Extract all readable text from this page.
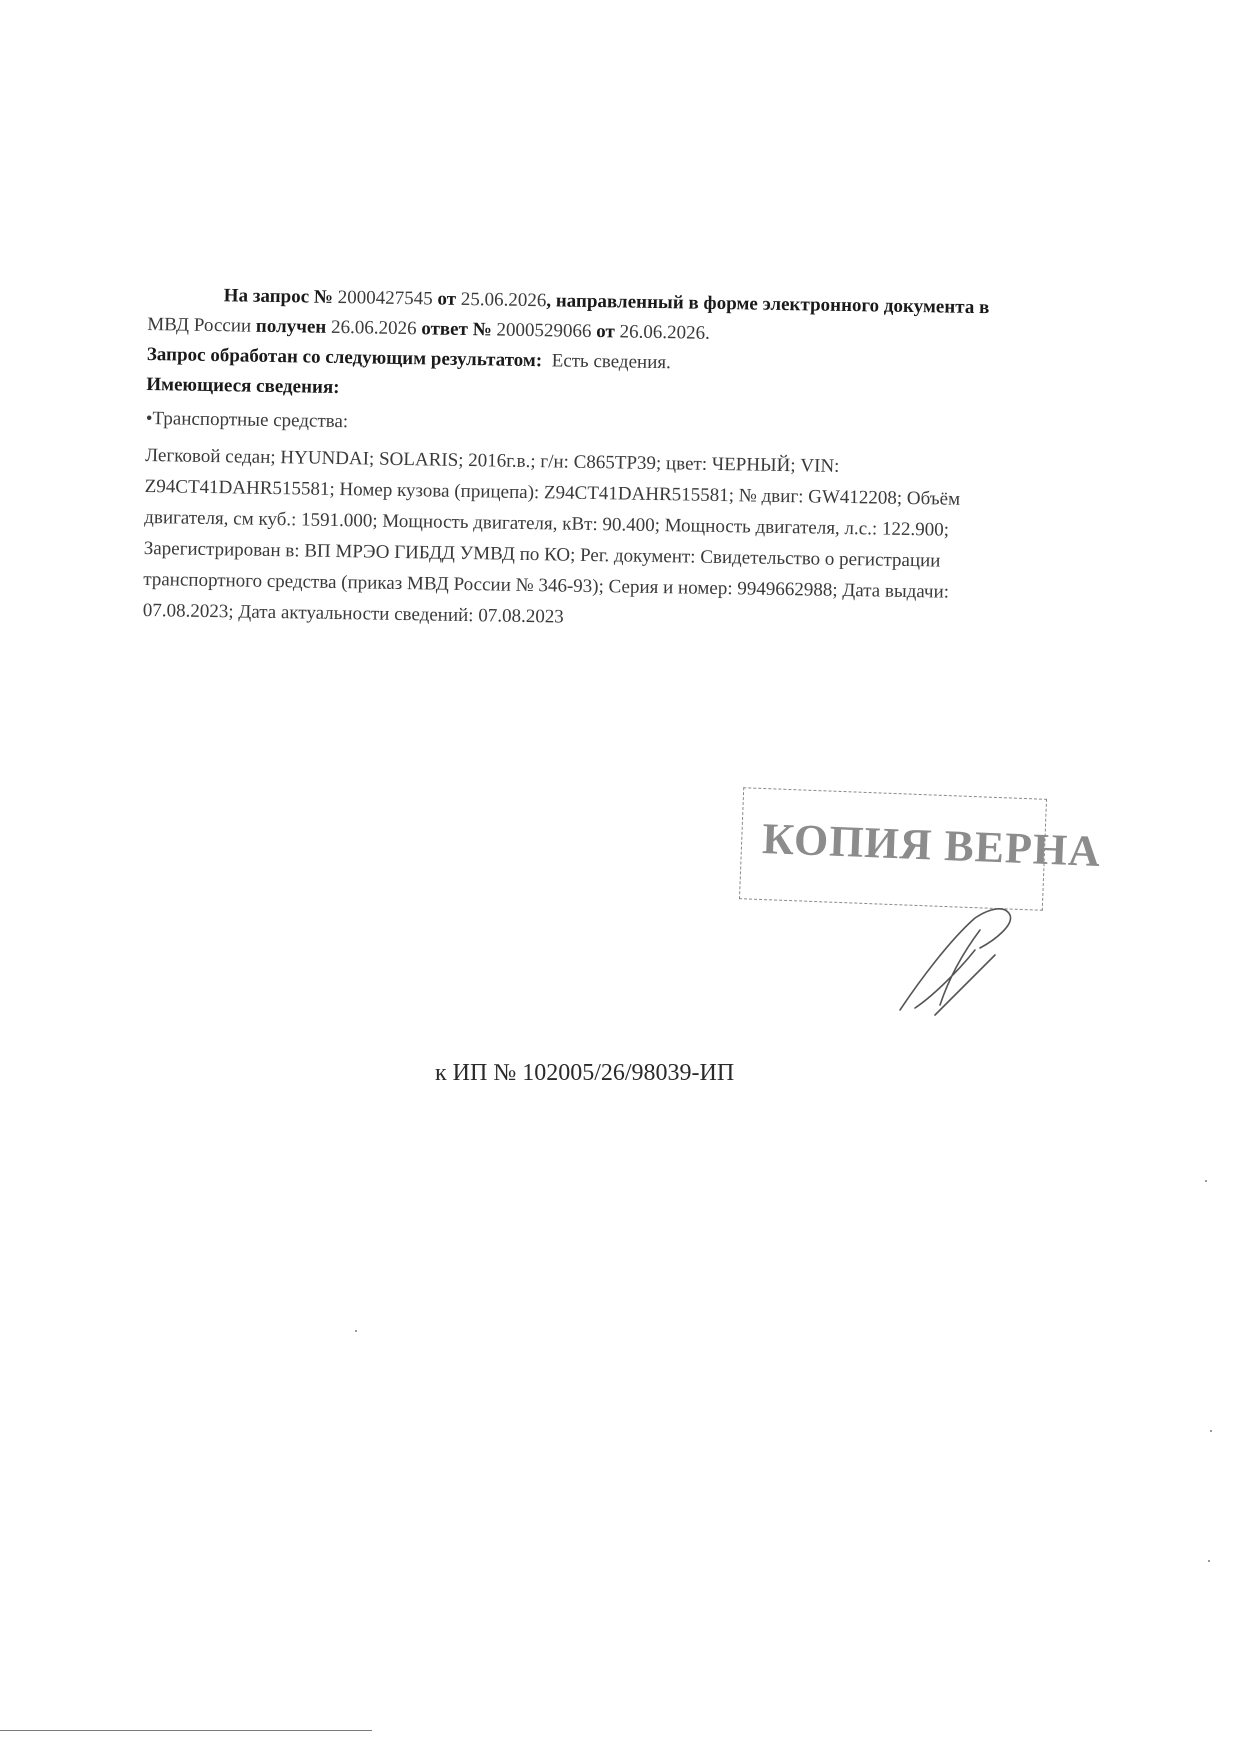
На запрос № 2000427545 от 25.06.2026, направленный в форме электронного документа в
МВД России получен 26.06.2026 ответ № 2000529066 от 26.06.2026.
Запрос обработан со следующим результатом: Есть сведения.
Имеющиеся сведения:
•Транспортные средства:
Легковой седан; HYUNDAI; SOLARIS; 2016г.в.; г/н: С865ТР39; цвет: ЧЕРНЫЙ; VIN:
Z94CT41DAHR515581; Номер кузова (прицепа): Z94CT41DAHR515581; № двиг: GW412208; Объём
двигателя, см куб.: 1591.000; Мощность двигателя, кВт: 90.400; Мощность двигателя, л.с.: 122.900;
Зарегистрирован в: ВП МРЭО ГИБДД УМВД по КО; Рег. документ: Свидетельство о регистрации
транспортного средства (приказ МВД России № 346-93); Серия и номер: 9949662988; Дата выдачи:
07.08.2023; Дата актуальности сведений: 07.08.2023
КОПИЯ ВЕРНА
к ИП № 102005/26/98039-ИП
